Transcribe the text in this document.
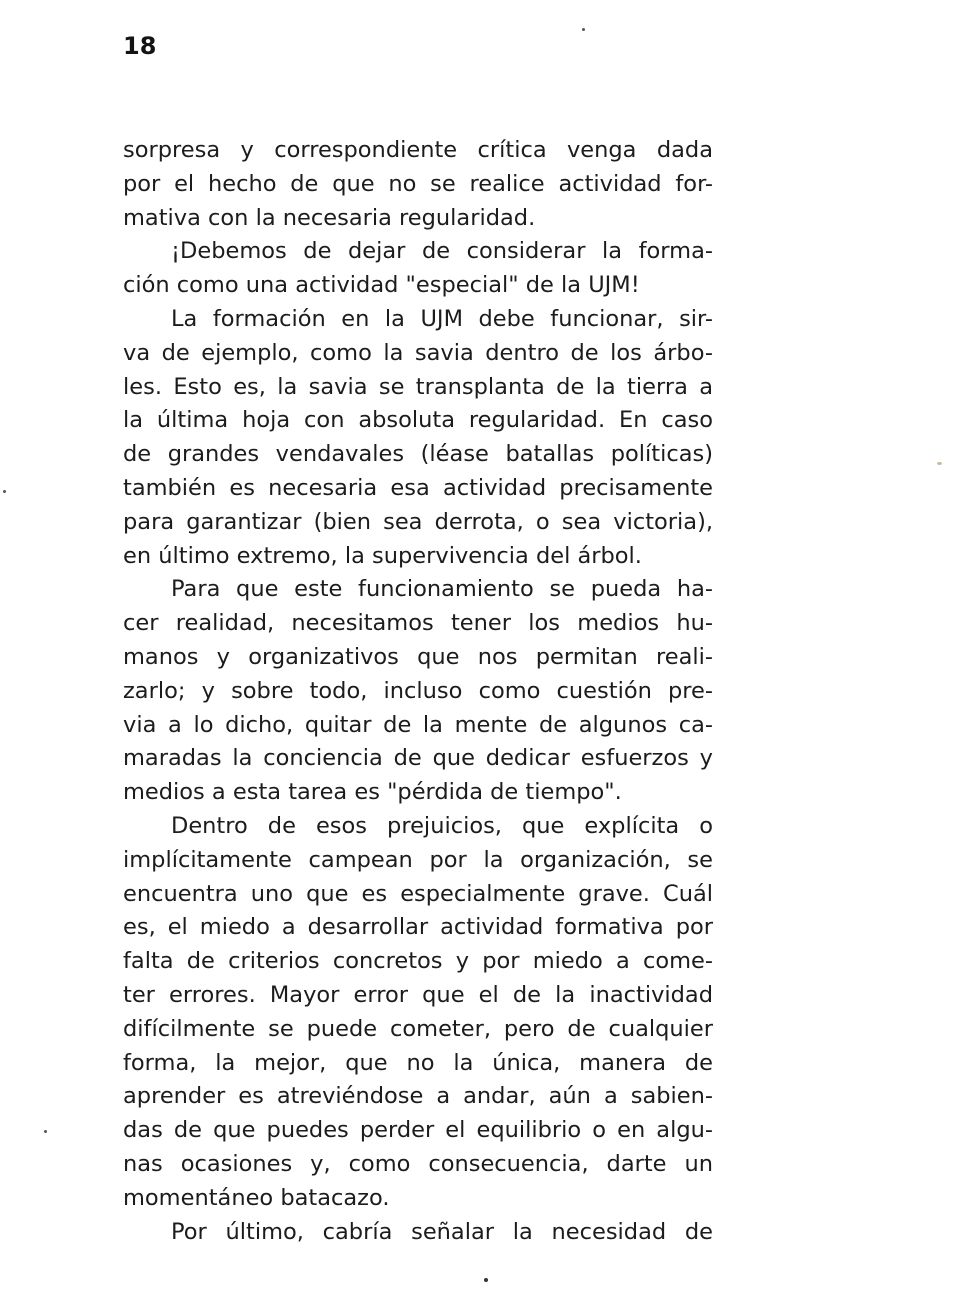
18
sorpresa y correspondiente crítica venga dada
por el hecho de que no se realice actividad for-
mativa con la necesaria regularidad.
¡Debemos de dejar de considerar la forma-
ción como una actividad "especial" de la UJM!
La formación en la UJM debe funcionar, sir-
va de ejemplo, como la savia dentro de los árbo-
les. Esto es, la savia se transplanta de la tierra a
la última hoja con absoluta regularidad. En caso
de grandes vendavales (léase batallas políticas)
también es necesaria esa actividad precisamente
para garantizar (bien sea derrota, o sea victoria),
en último extremo, la supervivencia del árbol.
Para que este funcionamiento se pueda ha-
cer realidad, necesitamos tener los medios hu-
manos y organizativos que nos permitan reali-
zarlo; y sobre todo, incluso como cuestión pre-
via a lo dicho, quitar de la mente de algunos ca-
maradas la conciencia de que dedicar esfuerzos y
medios a esta tarea es "pérdida de tiempo".
Dentro de esos prejuicios, que explícita o
implícitamente campean por la organización, se
encuentra uno que es especialmente grave. Cuál
es, el miedo a desarrollar actividad formativa por
falta de criterios concretos y por miedo a come-
ter errores. Mayor error que el de la inactividad
difícilmente se puede cometer, pero de cualquier
forma, la mejor, que no la única, manera de
aprender es atreviéndose a andar, aún a sabien-
das de que puedes perder el equilibrio o en algu-
nas ocasiones y, como consecuencia, darte un
momentáneo batacazo.
Por último, cabría señalar la necesidad de
